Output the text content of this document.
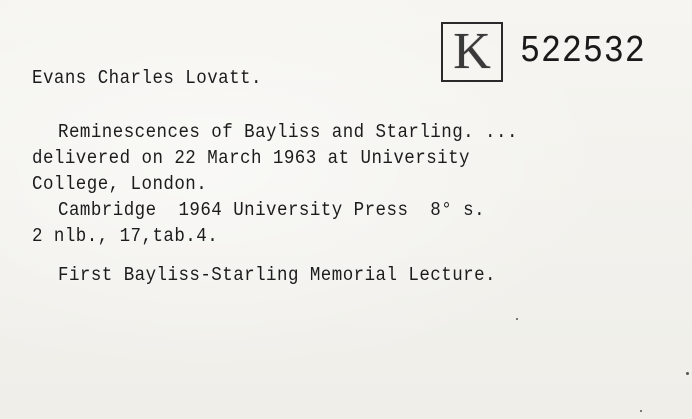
K 522532
Evans Charles Lovatt.
Reminescences of Bayliss and Starling. ...
delivered on 22 March 1963 at University
College, London.
Cambridge  1964 University Press  8° s.
2 nlb., 17,tab.4.
First Bayliss-Starling Memorial Lecture.
